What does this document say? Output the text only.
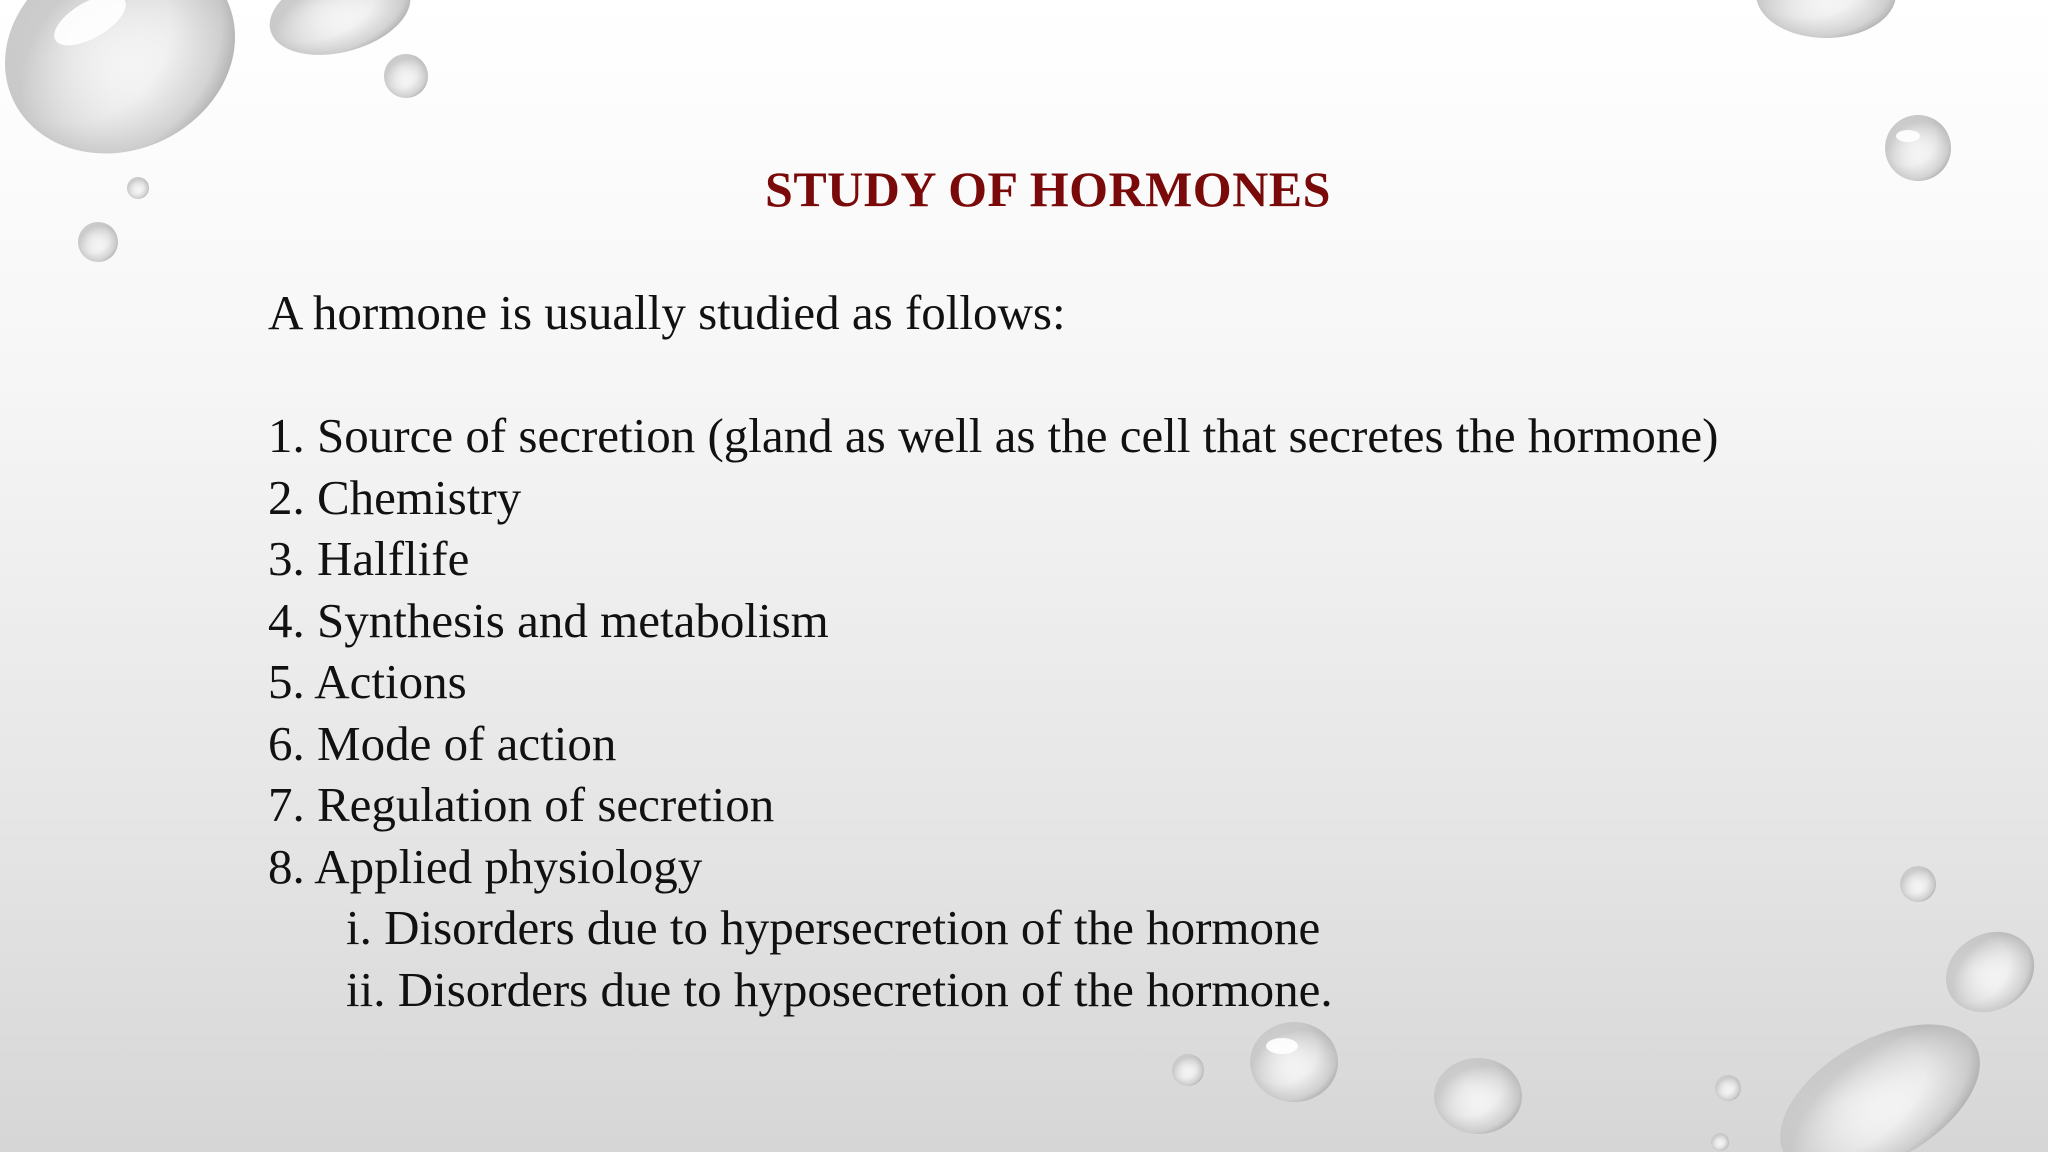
STUDY OF HORMONES

A hormone is usually studied as follows:

1. Source of secretion (gland as well as the cell that secretes the hormone)
2. Chemistry
3. Halflife
4. Synthesis and metabolism
5. Actions
6. Mode of action
7. Regulation of secretion
8. Applied physiology
i. Disorders due to hypersecretion of the hormone
ii. Disorders due to hyposecretion of the hormone.
